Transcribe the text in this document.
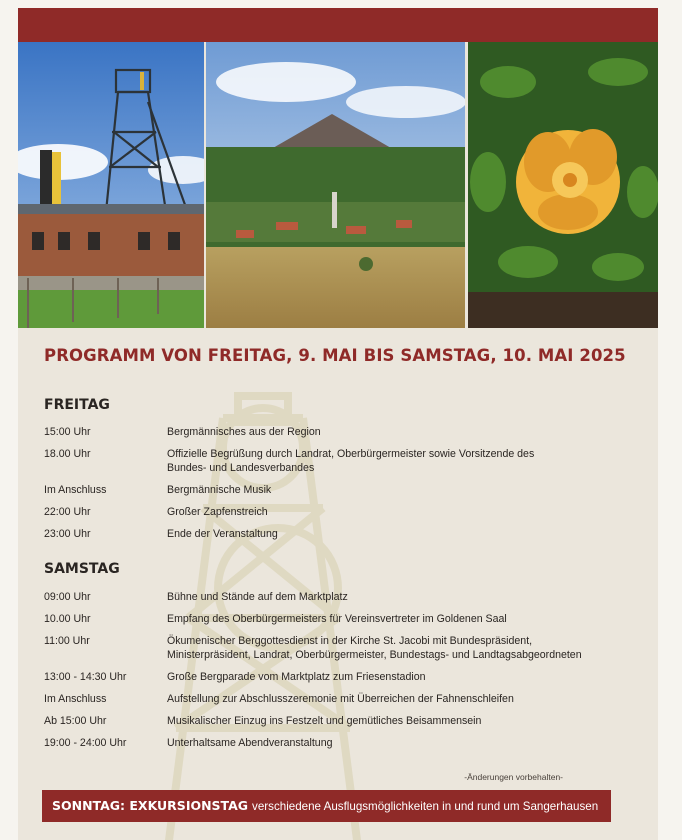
PROGRAMM VON FREITAG, 9. MAI BIS SAMSTAG, 10. MAI 2025
FREITAG
15:00 Uhr	Bergmännisches aus der Region
18.00 Uhr	Offizielle Begrüßung durch Landrat, Oberbürgermeister sowie Vorsitzende des
Bundes- und Landesverbandes
Im Anschluss	Bergmännische Musik
22:00 Uhr	Großer Zapfenstreich
23:00 Uhr	Ende der Veranstaltung
SAMSTAG
09:00 Uhr	Bühne und Stände auf dem Marktplatz
10.00 Uhr	Empfang des Oberbürgermeisters für Vereinsvertreter im Goldenen Saal
11:00 Uhr	Ökumenischer Berggottesdienst in der Kirche St. Jacobi mit Bundespräsident,
Ministerpräsident, Landrat, Oberbürgermeister, Bundestags- und Landtagsabgeordneten
13:00 - 14:30 Uhr	Große Bergparade vom Marktplatz zum Friesenstadion
Im Anschluss	Aufstellung zur Abschlusszeremonie mit Überreichen der Fahnenschleifen
Ab 15:00 Uhr	Musikalischer Einzug ins Festzelt und gemütliches Beisammensein
19:00 - 24:00 Uhr	Unterhaltsame Abendveranstaltung
-Änderungen vorbehalten-
SONNTAG: EXKURSIONSTAG verschiedene Ausflugsmöglichkeiten in und rund um Sangerhausen
